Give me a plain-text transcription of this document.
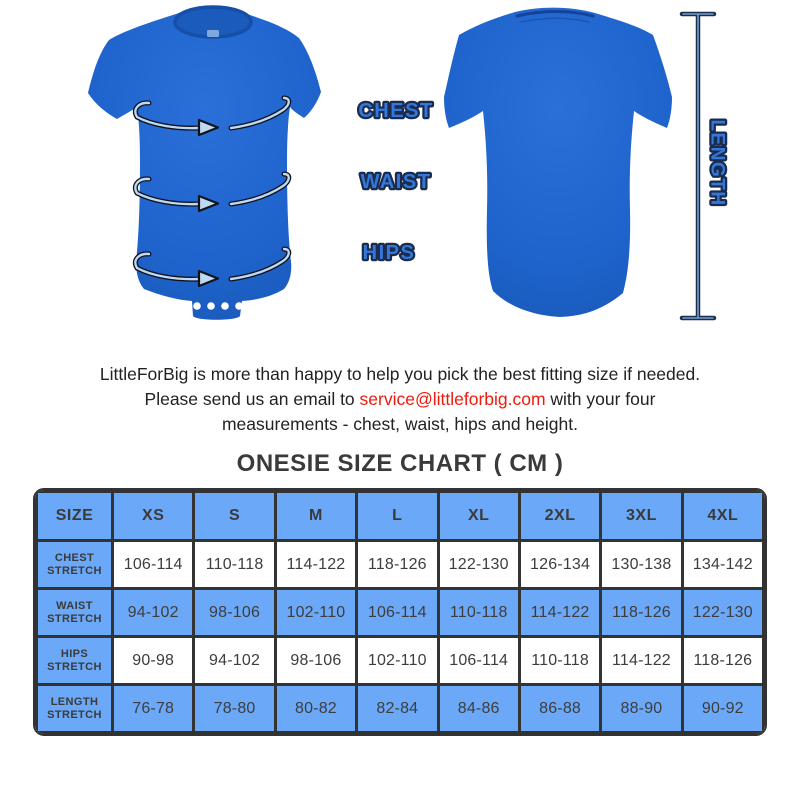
CHEST
WAIST
HIPS
LENGTH
LittleForBig is more than happy to help you pick the best fitting size if needed.
Please send us an email to service@littleforbig.com with your four
measurements - chest, waist, hips and height.
ONESIE SIZE CHART ( CM )
SIZE	XS	S	M	L	XL	2XL	3XL	4XL
CHEST STRETCH	106-114	110-118	114-122	118-126	122-130	126-134	130-138	134-142
WAIST STRETCH	94-102	98-106	102-110	106-114	110-118	114-122	118-126	122-130
HIPS STRETCH	90-98	94-102	98-106	102-110	106-114	110-118	114-122	118-126
LENGTH STRETCH	76-78	78-80	80-82	82-84	84-86	86-88	88-90	90-92
